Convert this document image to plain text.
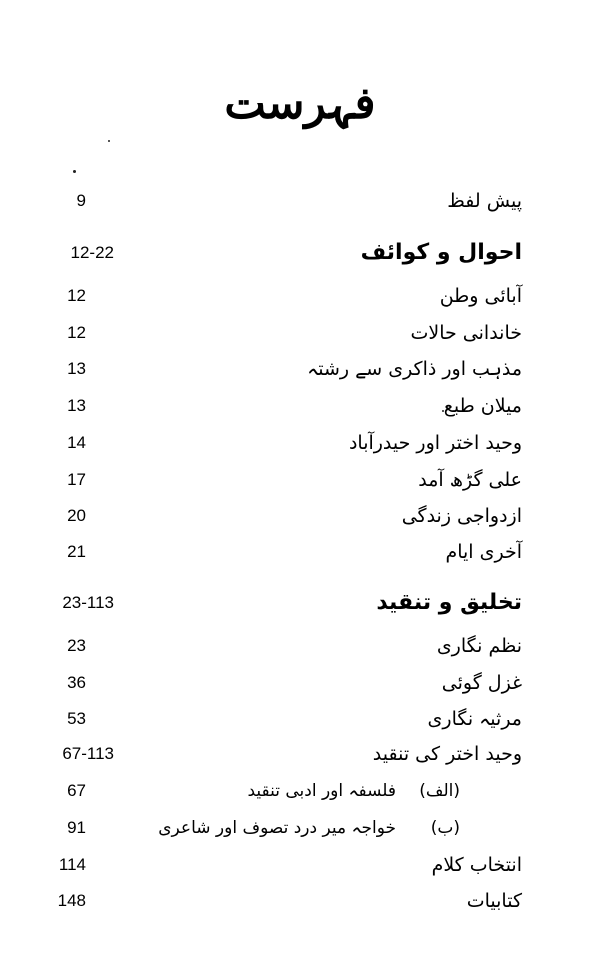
فہرست
پیش لفظ
9
احوال و کوائف
12-22
آبائی وطن
12
خاندانی حالات
12
مذہب اور ذاکری سے رشتہ
13
میلان طبع
13
وحید اختر اور حیدرآباد
14
علی گڑھ آمد
17
ازدواجی زندگی
20
آخری ایام
21
تخلیق و تنقید
23-113
نظم نگاری
23
غزل گوئی
36
مرثیہ نگاری
53
وحید اختر کی تنقید
67-113
(الف)
فلسفہ اور ادبی تنقید
67
(ب)
خواجہ میر درد تصوف اور شاعری
91
انتخاب کلام
114
کتابیات
148
